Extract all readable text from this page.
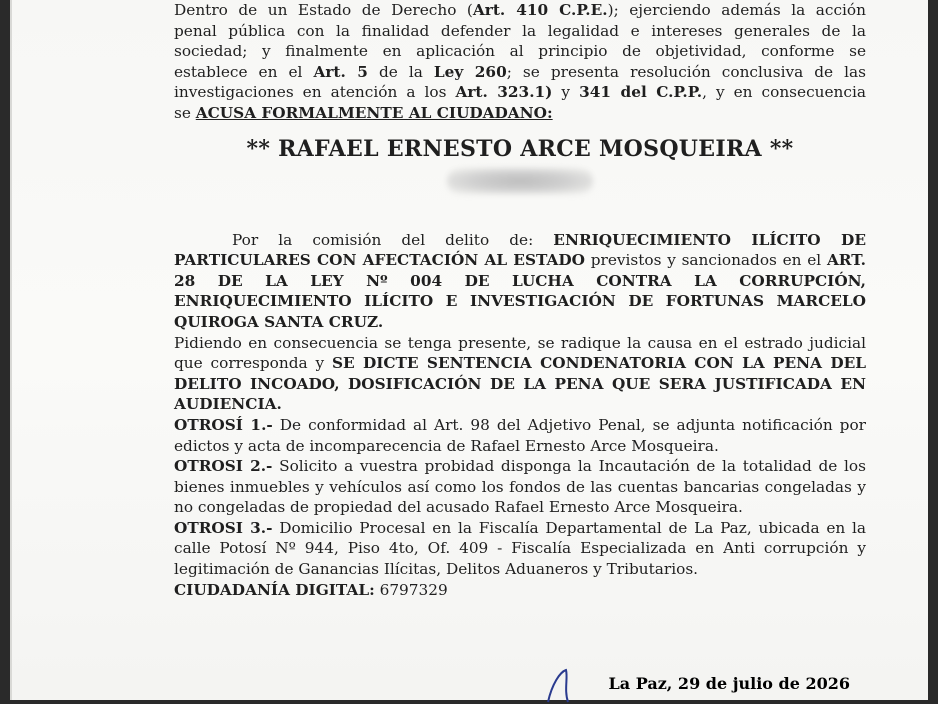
Dentro de un Estado de Derecho (Art. 410 C.P.E.); ejerciendo además la acción

penal pública con la finalidad defender la legalidad e intereses generales de la

sociedad; y finalmente en aplicación al principio de objetividad, conforme se

establece en el Art. 5 de la Ley 260; se presenta resolución conclusiva de las

investigaciones en atención a los Art. 323.1) y 341 del C.P.P., y en consecuencia

se ACUSA FORMALMENTE AL CIUDADANO:

** RAFAEL ERNESTO ARCE MOSQUEIRA **

Por la comisión del delito de: ENRIQUECIMIENTO ILÍCITO DE PARTICULARES CON AFECTACIÓN AL ESTADO previstos y sancionados en el ART. 28 DE LA LEY Nº 004 DE LUCHA CONTRA LA CORRUPCIÓN, ENRIQUECIMIENTO ILÍCITO E INVESTIGACIÓN DE FORTUNAS MARCELO QUIROGA SANTA CRUZ.

Pidiendo en consecuencia se tenga presente, se radique la causa en el estrado judicial que corresponda y SE DICTE SENTENCIA CONDENATORIA CON LA PENA DEL DELITO INCOADO, DOSIFICACIÓN DE LA PENA QUE SERA JUSTIFICADA EN AUDIENCIA.

OTROSÍ 1.- De conformidad al Art. 98 del Adjetivo Penal, se adjunta notificación por edictos y acta de incomparecencia de Rafael Ernesto Arce Mosqueira.

OTROSI 2.- Solicito a vuestra probidad disponga la Incautación de la totalidad de los bienes inmuebles y vehículos así como los fondos de las cuentas bancarias congeladas y no congeladas de propiedad del acusado Rafael Ernesto Arce Mosqueira.

OTROSI 3.- Domicilio Procesal en la Fiscalía Departamental de La Paz, ubicada en la calle Potosí Nº 944, Piso 4to, Of. 409 - Fiscalía Especializada en Anti corrupción y legitimación de Ganancias Ilícitas, Delitos Aduaneros y Tributarios.

CIUDADANÍA DIGITAL: 6797329

La Paz, 29 de julio de 2026
